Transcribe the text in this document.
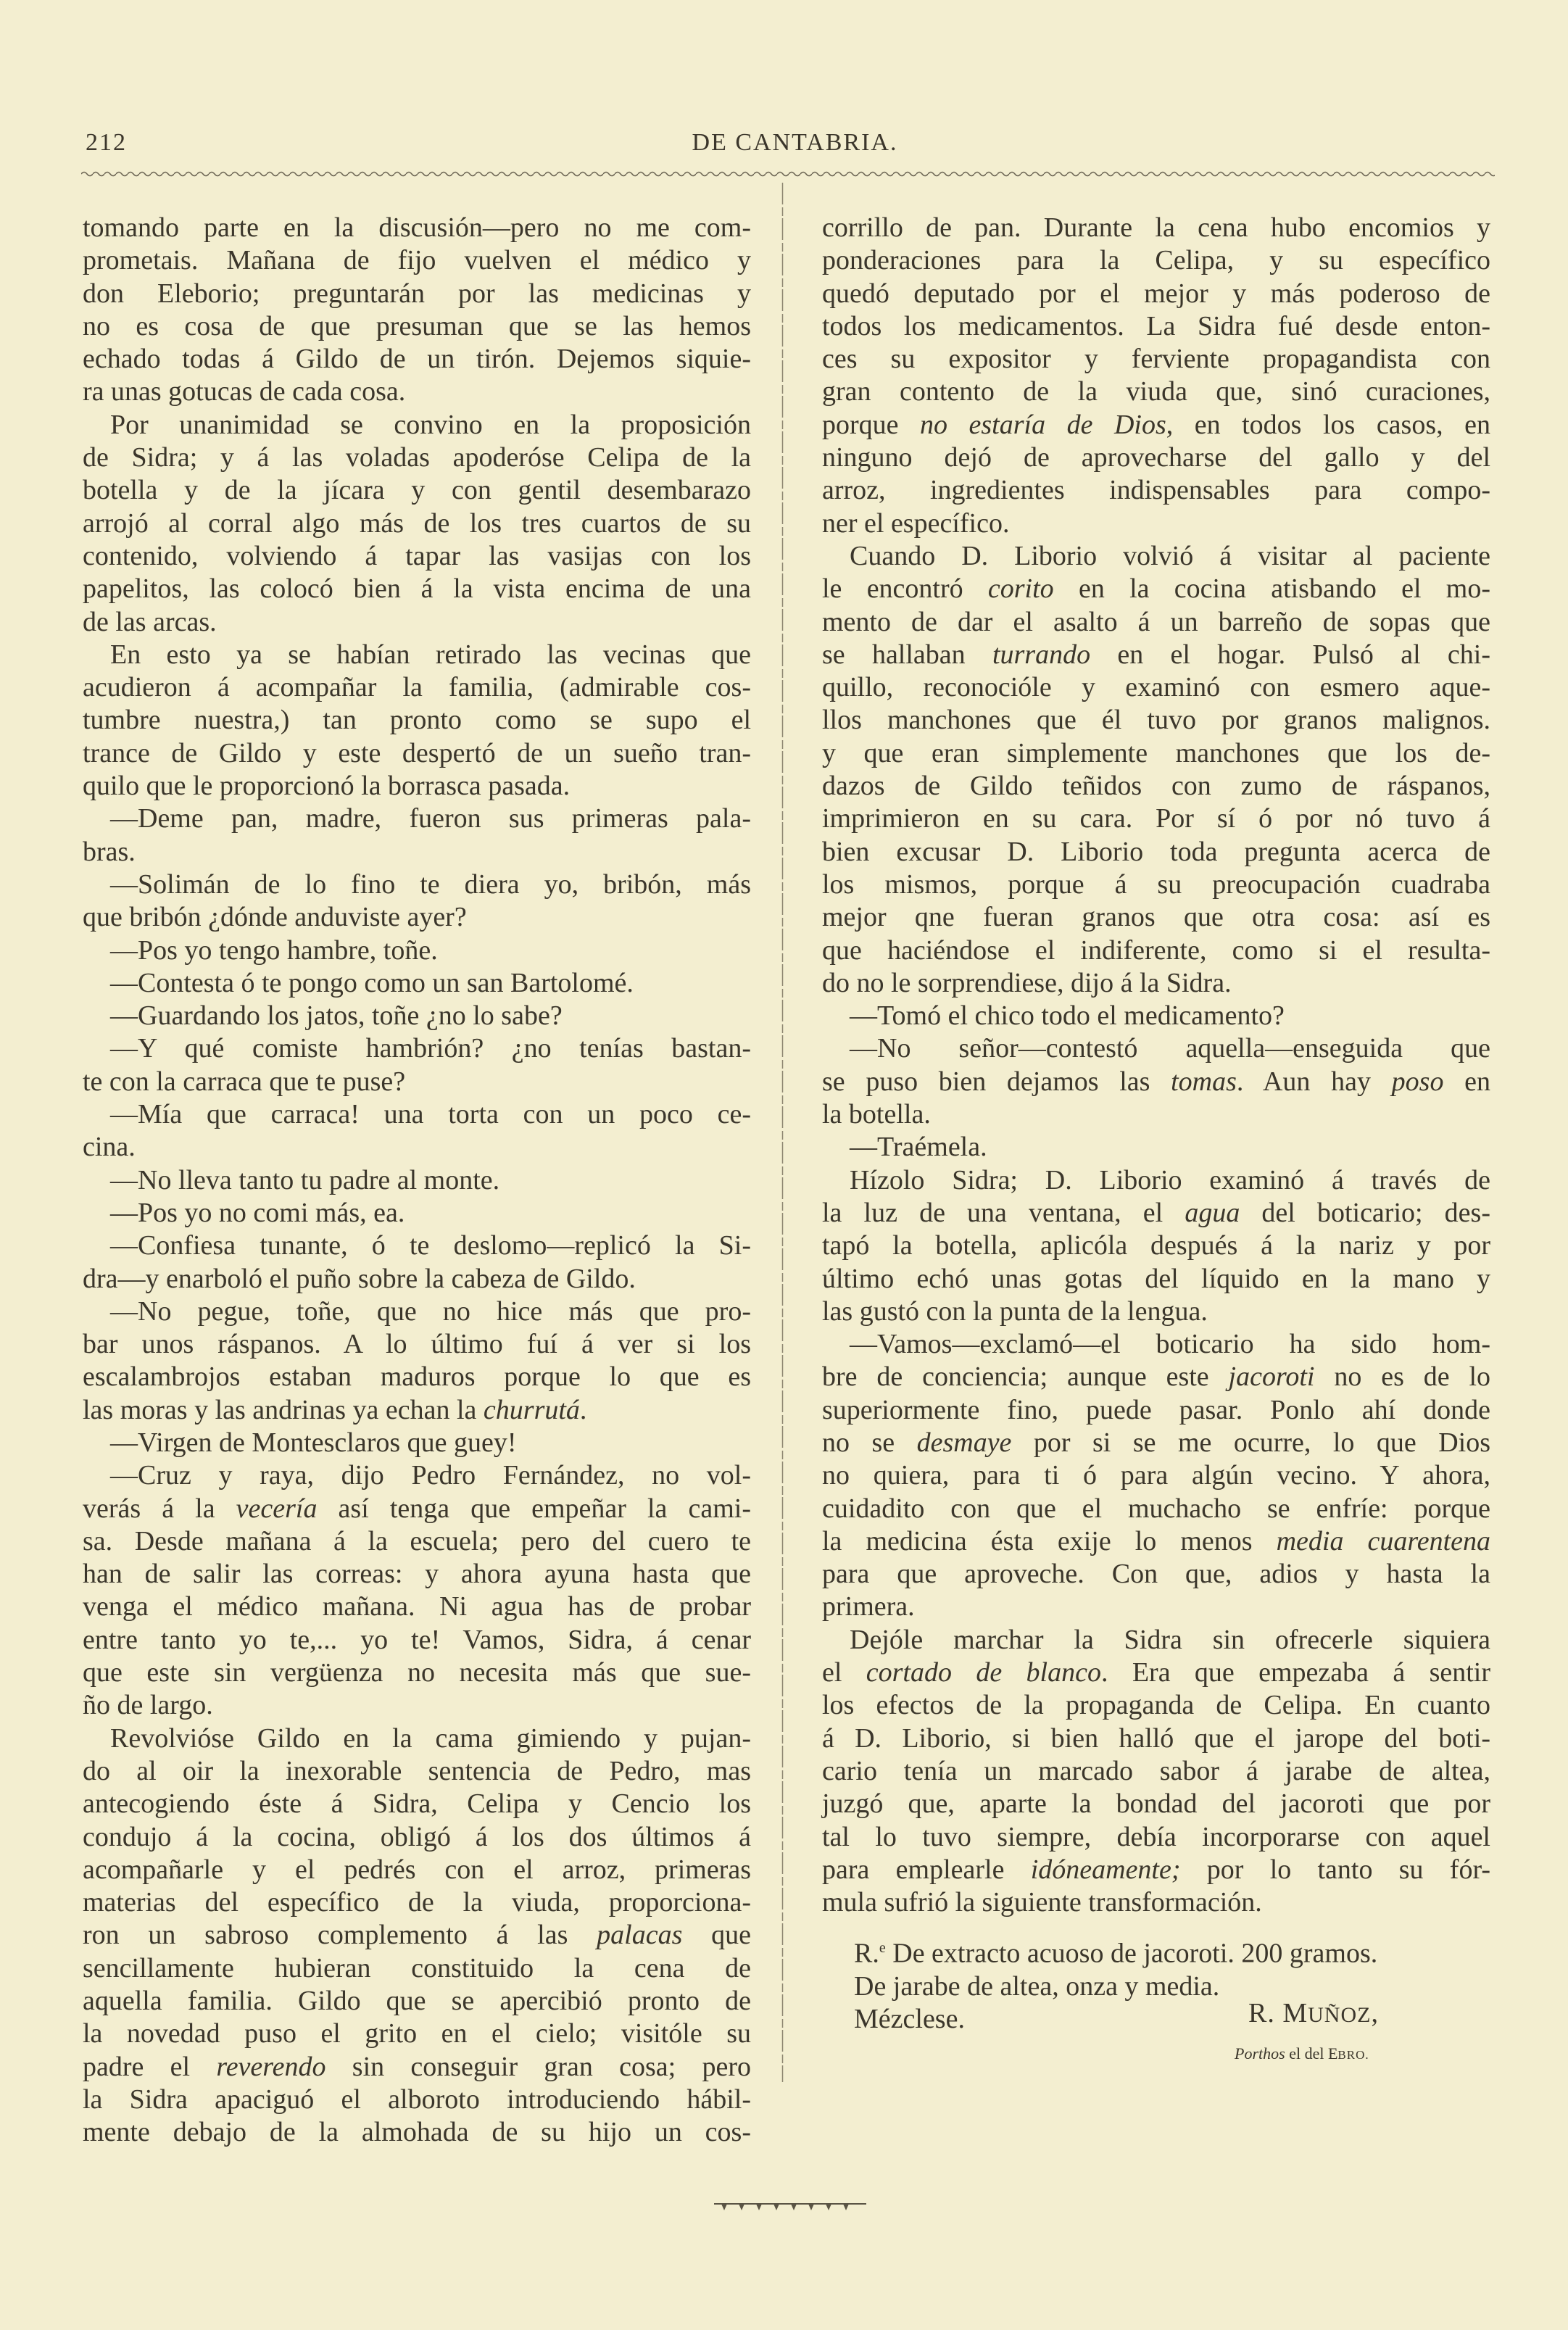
212	DE CANTABRIA.
tomando parte en la discusión—pero no me com-
prometais. Mañana de fijo vuelven el médico y
don Eleborio; preguntarán por las medicinas y
no es cosa de que presuman que se las hemos
echado todas á Gildo de un tirón. Dejemos siquie-
ra unas gotucas de cada cosa.
Por unanimidad se convino en la proposición
de Sidra; y á las voladas apoderóse Celipa de la
botella y de la jícara y con gentil desembarazo
arrojó al corral algo más de los tres cuartos de su
contenido, volviendo á tapar las vasijas con los
papelitos, las colocó bien á la vista encima de una
de las arcas.
En esto ya se habían retirado las vecinas que
acudieron á acompañar la familia, (admirable cos-
tumbre nuestra,) tan pronto como se supo el
trance de Gildo y este despertó de un sueño tran-
quilo que le proporcionó la borrasca pasada.
—Deme pan, madre, fueron sus primeras pala-
bras.
—Solimán de lo fino te diera yo, bribón, más
que bribón ¿dónde anduviste ayer?
—Pos yo tengo hambre, toñe.
—Contesta ó te pongo como un san Bartolomé.
—Guardando los jatos, toñe ¿no lo sabe?
—Y qué comiste hambrión? ¿no tenías bastan-
te con la carraca que te puse?
—Mía que carraca! una torta con un poco ce-
cina.
—No lleva tanto tu padre al monte.
—Pos yo no comi más, ea.
—Confiesa tunante, ó te deslomo—replicó la Si-
dra—y enarboló el puño sobre la cabeza de Gildo.
—No pegue, toñe, que no hice más que pro-
bar unos ráspanos. A lo último fuí á ver si los
escalambrojos estaban maduros porque lo que es
las moras y las andrinas ya echan la churrutá.
—Virgen de Montesclaros que guey!
—Cruz y raya, dijo Pedro Fernández, no vol-
verás á la vecería así tenga que empeñar la cami-
sa. Desde mañana á la escuela; pero del cuero te
han de salir las correas: y ahora ayuna hasta que
venga el médico mañana. Ni agua has de probar
entre tanto yo te,... yo te! Vamos, Sidra, á cenar
que este sin vergüenza no necesita más que sue-
ño de largo.
Revolvióse Gildo en la cama gimiendo y pujan-
do al oir la inexorable sentencia de Pedro, mas
antecogiendo éste á Sidra, Celipa y Cencio los
condujo á la cocina, obligó á los dos últimos á
acompañarle y el pedrés con el arroz, primeras
materias del específico de la viuda, proporciona-
ron un sabroso complemento á las palacas que
sencillamente hubieran constituido la cena de
aquella familia. Gildo que se apercibió pronto de
la novedad puso el grito en el cielo; visitóle su
padre el reverendo sin conseguir gran cosa; pero
la Sidra apaciguó el alboroto introduciendo hábil-
mente debajo de la almohada de su hijo un cos-
corrillo de pan. Durante la cena hubo encomios y
ponderaciones para la Celipa, y su específico
quedó deputado por el mejor y más poderoso de
todos los medicamentos. La Sidra fué desde enton-
ces su expositor y ferviente propagandista con
gran contento de la viuda que, sinó curaciones,
porque no estaría de Dios, en todos los casos, en
ninguno dejó de aprovecharse del gallo y del
arroz, ingredientes indispensables para compo-
ner el específico.
Cuando D. Liborio volvió á visitar al paciente
le encontró corito en la cocina atisbando el mo-
mento de dar el asalto á un barreño de sopas que
se hallaban turrando en el hogar. Pulsó al chi-
quillo, reconocióle y examinó con esmero aque-
llos manchones que él tuvo por granos malignos.
y que eran simplemente manchones que los de-
dazos de Gildo teñidos con zumo de ráspanos,
imprimieron en su cara. Por sí ó por nó tuvo á
bien excusar D. Liborio toda pregunta acerca de
los mismos, porque á su preocupación cuadraba
mejor qne fueran granos que otra cosa: así es
que haciéndose el indiferente, como si el resulta-
do no le sorprendiese, dijo á la Sidra.
—Tomó el chico todo el medicamento?
—No señor—contestó aquella—enseguida que
se puso bien dejamos las tomas. Aun hay poso en
la botella.
—Traémela.
Hízolo Sidra; D. Liborio examinó á través de
la luz de una ventana, el agua del boticario; des-
tapó la botella, aplicóla después á la nariz y por
último echó unas gotas del líquido en la mano y
las gustó con la punta de la lengua.
—Vamos—exclamó—el boticario ha sido hom-
bre de conciencia; aunque este jacoroti no es de lo
superiormente fino, puede pasar. Ponlo ahí donde
no se desmaye por si se me ocurre, lo que Dios
no quiera, para ti ó para algún vecino. Y ahora,
cuidadito con que el muchacho se enfríe: porque
la medicina ésta exije lo menos media cuarentena
para que aproveche. Con que, adios y hasta la
primera.
Dejóle marchar la Sidra sin ofrecerle siquiera
el cortado de blanco. Era que empezaba á sentir
los efectos de la propaganda de Celipa. En cuanto
á D. Liborio, si bien halló que el jarope del boti-
cario tenía un marcado sabor á jarabe de altea,
juzgó que, aparte la bondad del jacoroti que por
tal lo tuvo siempre, debía incorporarse con aquel
para emplearle idóneamente; por lo tanto su fór-
mula sufrió la siguiente transformación.
R.$^e$ De extracto acuoso de jacoroti. 200 gramos.
De jarabe de altea, onza y media.
Mézclese.	R. MUÑOZ,
Porthos el del EBRO.
